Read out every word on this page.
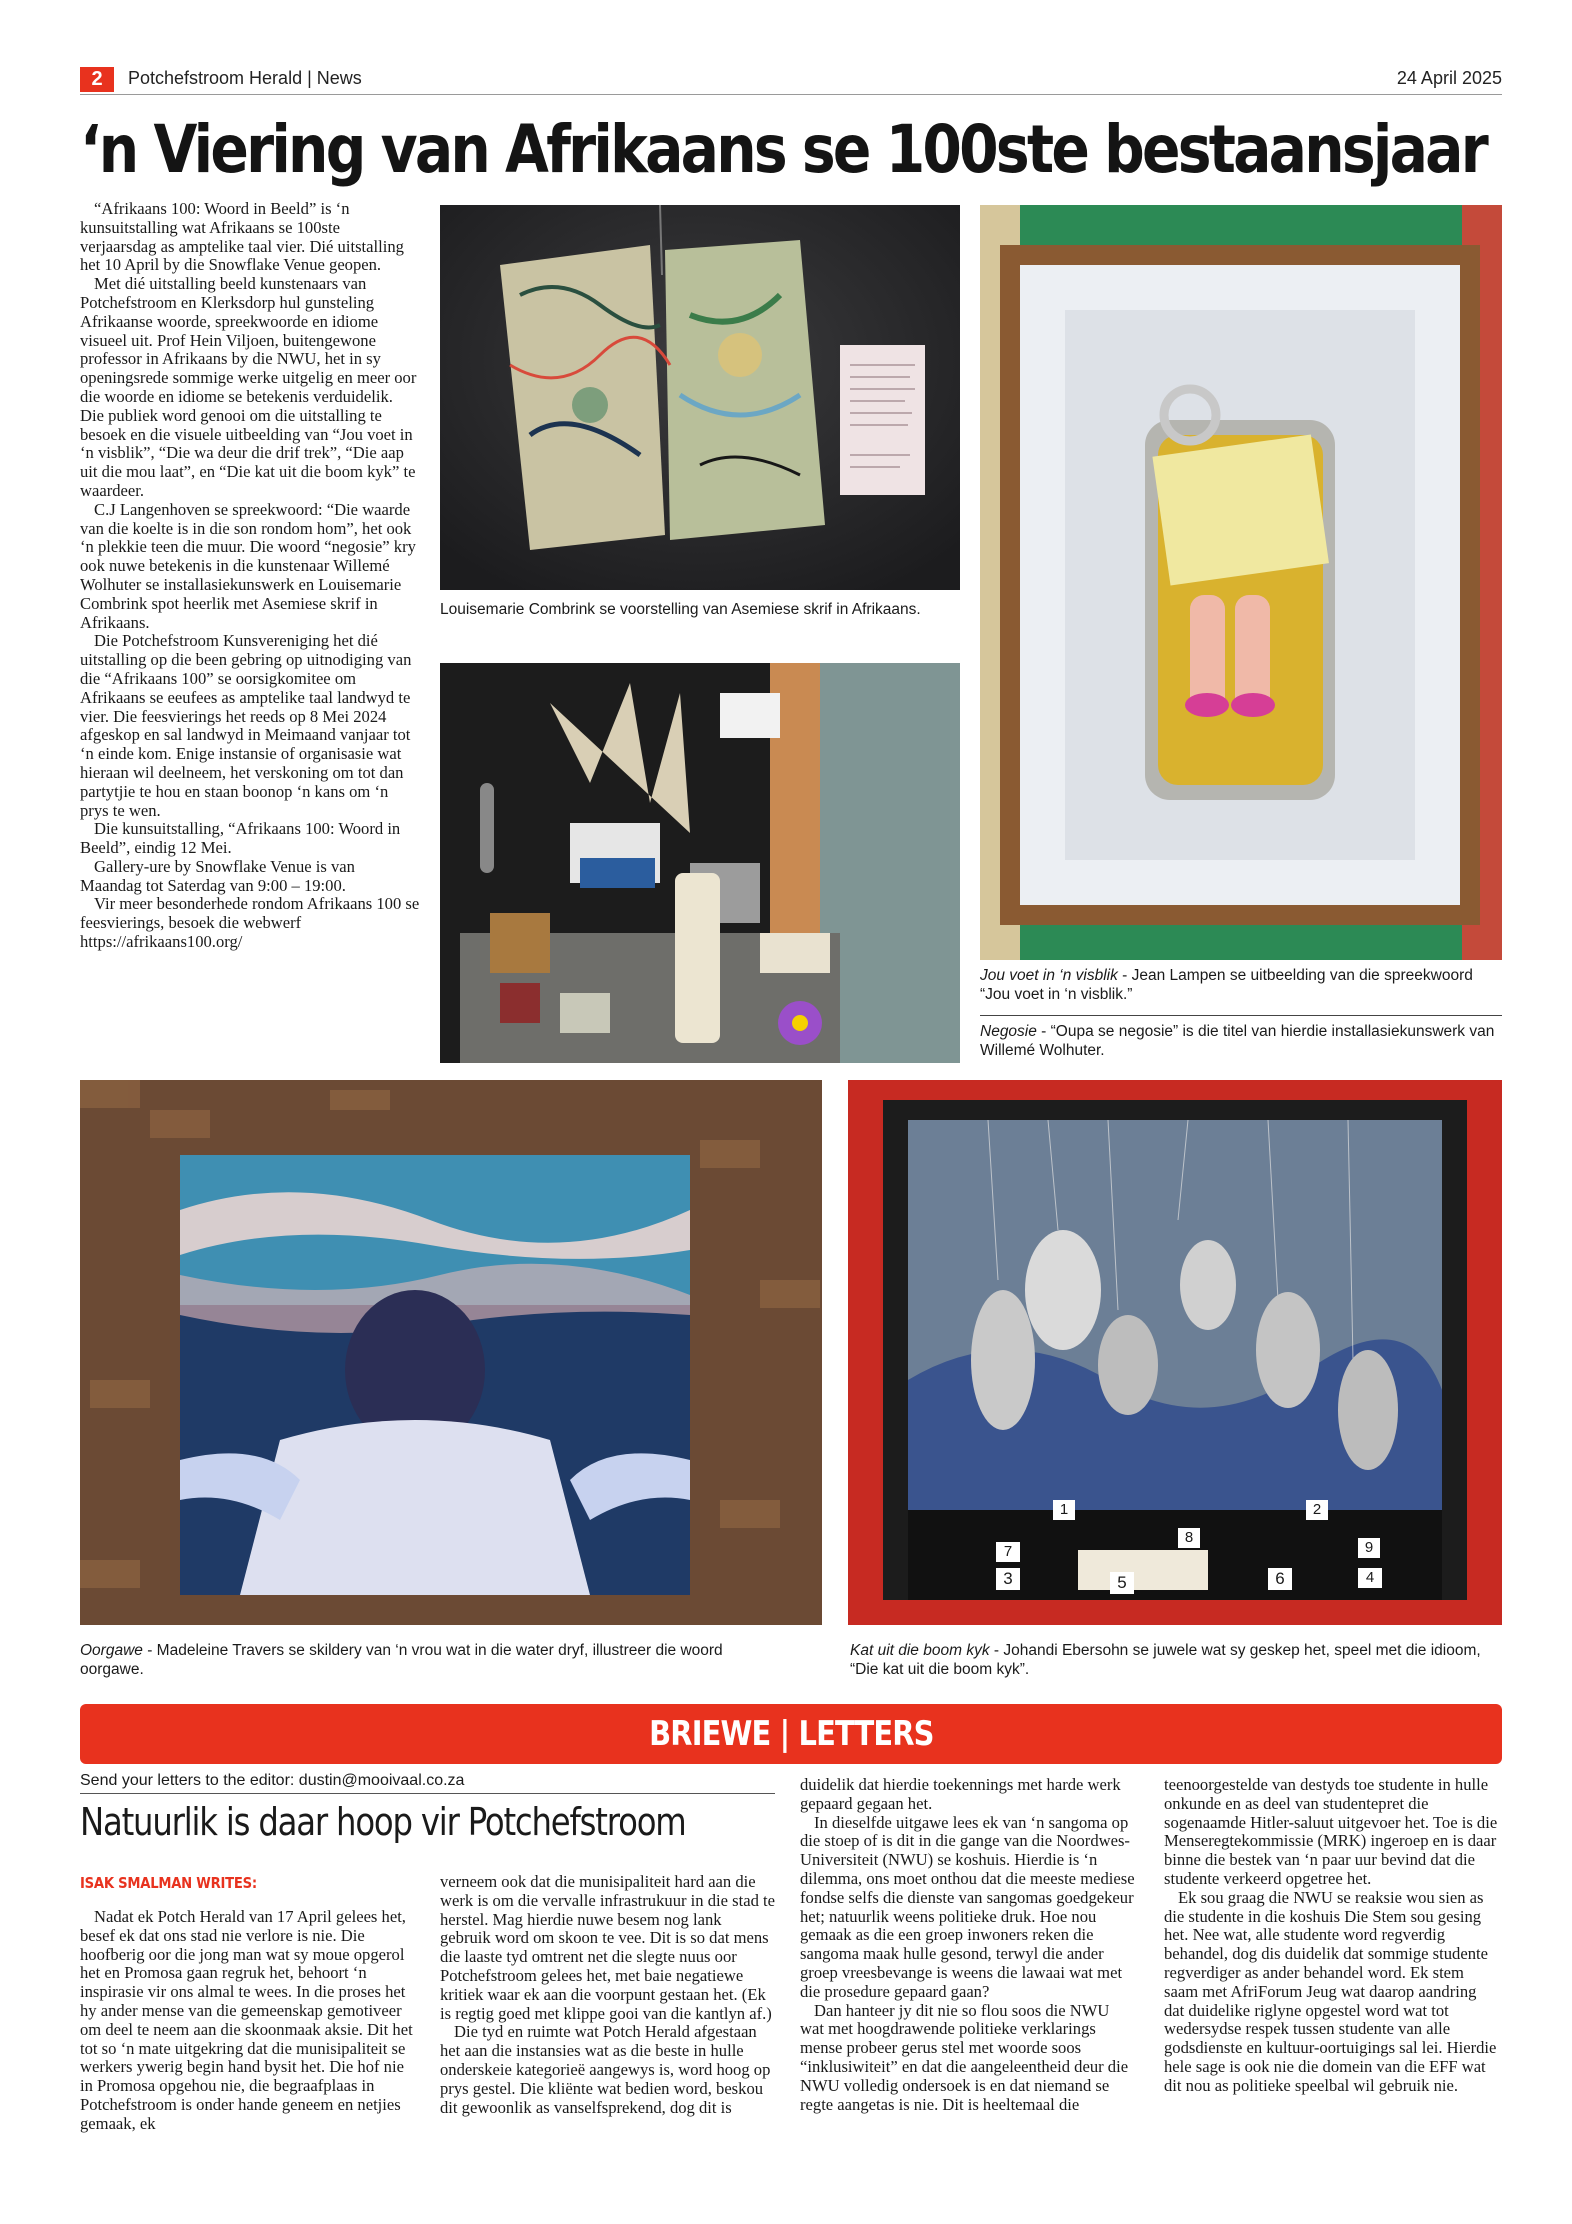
2	Potchefstroom Herald | News	24 April 2025
‘n Viering van Afrikaans se 100ste bestaansjaar

“Afrikaans 100: Woord in Beeld” is ‘n kunsuitstalling wat Afrikaans se 100ste verjaarsdag as amptelike taal vier. Dié uitstalling het 10 April by die Snowflake Venue geopen.

Met dié uitstalling beeld kunstenaars van Potchefstroom en Klerksdorp hul gunsteling Afrikaanse woorde, spreekwoorde en idiome visueel uit. Prof Hein Viljoen, buitengewone professor in Afrikaans by die NWU, het in sy openingsrede sommige werke uitgelig en meer oor die woorde en idiome se betekenis verduidelik. Die publiek word genooi om die uitstalling te besoek en die visuele uitbeelding van “Jou voet in ‘n visblik”, “Die wa deur die drif trek”, “Die aap uit die mou laat”, en “Die kat uit die boom kyk” te waardeer.

C.J Langenhoven se spreekwoord: “Die waarde van die koelte is in die son rondom hom”, het ook ‘n plekkie teen die muur. Die woord “negosie” kry ook nuwe betekenis in die kunstenaar Willemé Wolhuter se installasiekunswerk en Louisemarie Combrink spot heerlik met Asemiese skrif in Afrikaans.

Die Potchefstroom Kunsvereniging het dié uitstalling op die been gebring op uitnodiging van die “Afrikaans 100” se oorsigkomitee om Afrikaans se eeufees as amptelike taal landwyd te vier. Die feesvierings het reeds op 8 Mei 2024 afgeskop en sal landwyd in Meimaand vanjaar tot ‘n einde kom. Enige instansie of organisasie wat hieraan wil deelneem, het verskoning om tot dan partytjie te hou en staan boonop ‘n kans om ‘n prys te wen.

Die kunsuitstalling, “Afrikaans 100: Woord in Beeld”, eindig 12 Mei.

Gallery-ure by Snowflake Venue is van Maandag tot Saterdag van 9:00 – 19:00.

Vir meer besonderhede rondom Afrikaans 100 se feesvierings, besoek die webwerf https://afrikaans100.org/

Louisemarie Combrink se voorstelling van Asemiese skrif in Afrikaans.
Jou voet in ‘n visblik - Jean Lampen se uitbeelding van die spreekwoord “Jou voet in ‘n visblik.”
Negosie - “Oupa se negosie” is die titel van hierdie installasiekunswerk van Willemé Wolhuter.
Oorgawe - Madeleine Travers se skildery van ‘n vrou wat in die water dryf, illustreer die woord oorgawe.
1	2
3	4
5	6
7
8
9
Kat uit die boom kyk - Johandi Ebersohn se juwele wat sy geskep het, speel met die idioom, “Die kat uit die boom kyk”.
BRIEWE | LETTERS
Send your letters to the editor: dustin@mooivaal.co.za
Natuurlik is daar hoop vir Potchefstroom
ISAK SMALMAN WRITES:

Nadat ek Potch Herald van 17 April gelees het, besef ek dat ons stad nie verlore is nie. Die hoofberig oor die jong man wat sy moue opgerol het en Promosa gaan regruk het, behoort ‘n inspirasie vir ons almal te wees. In die proses het hy ander mense van die gemeenskap gemotiveer om deel te neem aan die skoonmaak aksie. Dit het tot so ‘n mate uitgekring dat die munisipaliteit se werkers ywerig begin hand bysit het. Die hof nie in Promosa opgehou nie, die begraafplaas in Potchefstroom is onder hande geneem en netjies gemaak, ek

verneem ook dat die munisipaliteit hard aan die werk is om die vervalle infrastrukuur in die stad te herstel. Mag hierdie nuwe besem nog lank gebruik word om skoon te vee. Dit is so dat mens die laaste tyd omtrent net die slegte nuus oor Potchefstroom gelees het, met baie negatiewe kritiek waar ek aan die voorpunt gestaan het. (Ek is regtig goed met klippe gooi van die kantlyn af.)

Die tyd en ruimte wat Potch Herald afgestaan het aan die instansies wat as die beste in hulle onderskeie kategorieë aangewys is, word hoog op prys gestel. Die kliënte wat bedien word, beskou dit gewoonlik as vanselfsprekend, dog dit is

duidelik dat hierdie toekennings met harde werk gepaard gegaan het.

In dieselfde uitgawe lees ek van ‘n sangoma op die stoep of is dit in die gange van die Noordwes-Universiteit (NWU) se koshuis. Hierdie is ‘n dilemma, ons moet onthou dat die meeste mediese fondse selfs die dienste van sangomas goedgekeur het; natuurlik weens politieke druk. Hoe nou gemaak as die een groep inwoners reken die sangoma maak hulle gesond, terwyl die ander groep vreesbevange is weens die lawaai wat met die prosedure gepaard gaan?

Dan hanteer jy dit nie so flou soos die NWU wat met hoogdrawende politieke verklarings mense probeer gerus stel met woorde soos “inklusiwiteit” en dat die aangeleentheid deur die NWU volledig ondersoek is en dat niemand se regte aangetas is nie. Dit is heeltemaal die

teenoorgestelde van destyds toe studente in hulle onkunde en as deel van studentepret die sogenaamde Hitler-saluut uitgevoer het. Toe is die Menseregtekommissie (MRK) ingeroep en is daar binne die bestek van ‘n paar uur bevind dat die studente verkeerd opgetree het.

Ek sou graag die NWU se reaksie wou sien as die studente in die koshuis Die Stem sou gesing het. Nee wat, alle studente word regverdig behandel, dog dis duidelik dat sommige studente regverdiger as ander behandel word. Ek stem saam met AfriForum Jeug wat daarop aandring dat duidelike riglyne opgestel word wat tot wedersydse respek tussen studente van alle godsdienste en kultuur-oortuigings sal lei. Hierdie hele sage is ook nie die domein van die EFF wat dit nou as politieke speelbal wil gebruik nie.
